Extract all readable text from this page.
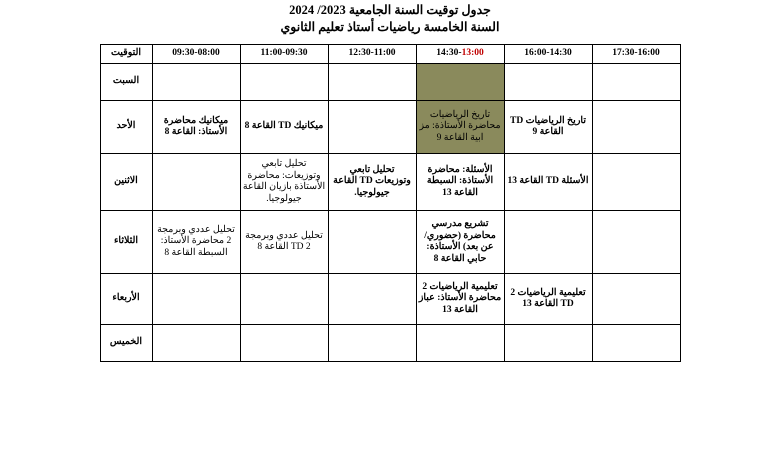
جدول توقيت السنة الجامعية 2023/ 2024
السنة الخامسة رياضيات أستاذ تعليم الثانوي
17:30-16:00	16:00-14:30	14:30-13:00	12:30-11:00	11:00-09:30	09:30-08:00	التوقيت
						السبت
	تاريخ الرياضيات TD القاعة 9	تاريخ الرياضيات محاضرة الأستاذة: مز ابية القاعة 9		ميكانيك TD القاعة 8	ميكانيك محاضرة الأستاذ: القاعة 8	الأحد
	الأسئلة TD القاعة 13	الأسئلة: محاضرة الأستاذة: السبطة القاعة 13	تحليل تابعي وتوزيعات TD القاعة جيولوجيا.	تحليل تابعي وتوزيعات: محاضرة الأستاذة بازيان القاعة جيولوجيا.		الاثنين
		تشريع مدرسي محاضرة (حضوري/عن بعد) الأستاذة: حابي القاعة 8		تحليل عددي وبرمجة 2 TD القاعة 8	تحليل عددي وبرمجة 2 محاضرة الأستاذ: السبطة القاعة 8	الثلاثاء
	تعليمية الرياضيات 2 TD القاعة 13	تعليمية الرياضيات 2 محاضرة الأستاذ: عباز القاعة 13				الأربعاء
						الخميس
